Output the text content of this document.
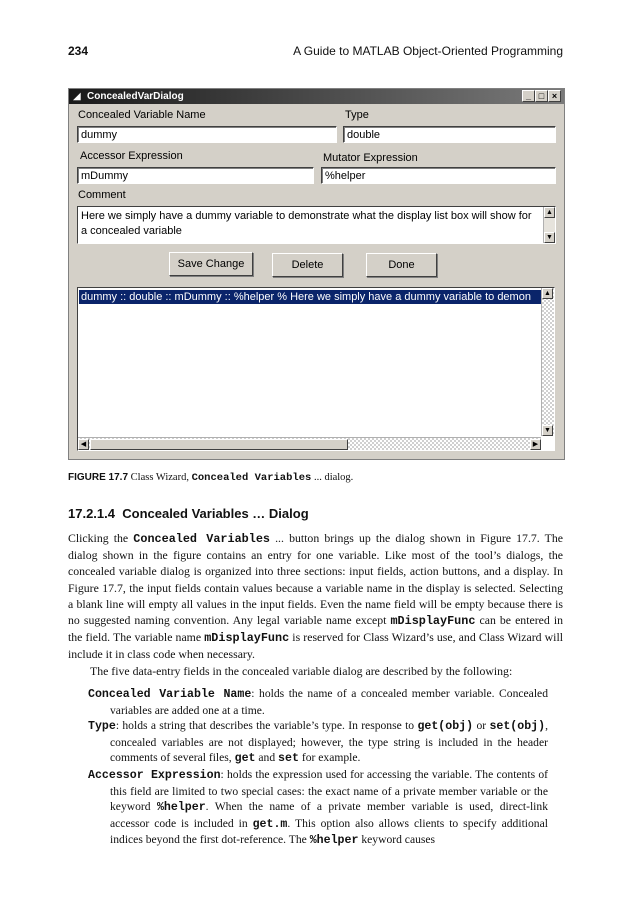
234	A Guide to MATLAB Object-Oriented Programming
◢ ConcealedVarDialog	_ □ ×
Concealed Variable Name	Type
dummy	double
Accessor Expression	Mutator Expression
mDummy	%helper
Comment
Here we simply have a dummy variable to demonstrate what the display list box will show for a concealed variable
▲
▼
Save Change	Delete	Done
dummy :: double :: mDummy :: %helper % Here we simply have a dummy variable to demon	▲
▼
◀	▶
FIGURE 17.7 Class Wizard, Concealed Variables ... dialog.
17.2.1.4 Concealed Variables … Dialog

Clicking the Concealed Variables ... button brings up the dialog shown in Figure 17.7. The dialog shown in the figure contains an entry for one variable. Like most of the tool’s dialogs, the concealed variable dialog is organized into three sections: input fields, action buttons, and a display. In Figure 17.7, the input fields contain values because a variable name in the display is selected. Selecting a blank line will empty all values in the input fields. Even the name field will be empty because there is no suggested naming convention. Any legal variable name except mDisplayFunc can be entered in the field. The variable name mDisplayFunc is reserved for Class Wizard’s use, and Class Wizard will include it in class code when necessary.

The five data-entry fields in the concealed variable dialog are described by the following:

Concealed Variable Name: holds the name of a concealed member variable. Concealed variables are added one at a time.

Type: holds a string that describes the variable’s type. In response to get(obj) or set(obj), concealed variables are not displayed; however, the type string is included in the header comments of several files, get and set for example.

Accessor Expression: holds the expression used for accessing the variable. The contents of this field are limited to two special cases: the exact name of a private member variable or the keyword %helper. When the name of a private member variable is used, direct-link accessor code is included in get.m. This option also allows clients to specify additional indices beyond the first dot-reference. The %helper keyword causes
